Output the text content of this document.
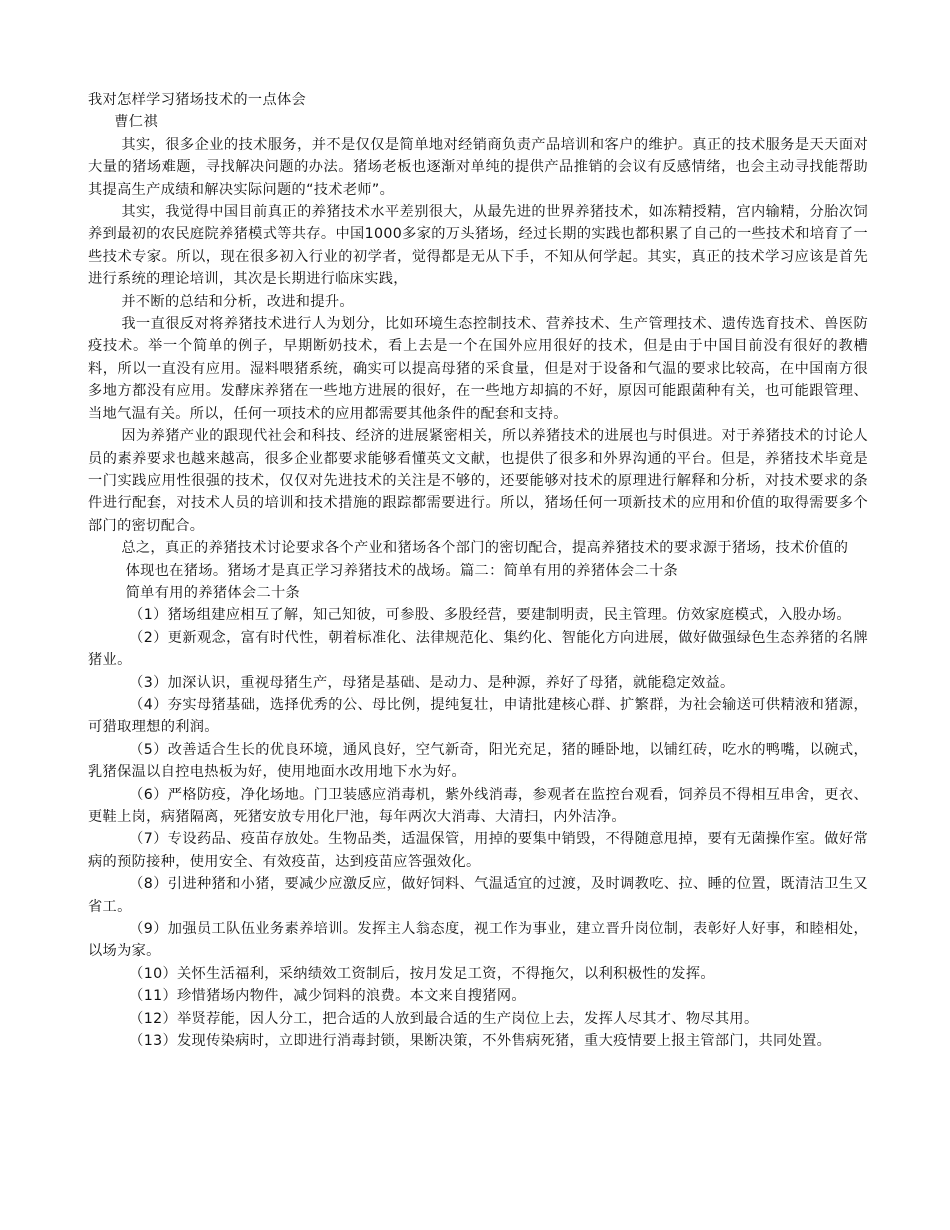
我对怎样学习猪场技术的一点体会

曹仁祺

其实，很多企业的技术服务，并不是仅仅是简单地对经销商负责产品培训和客户的维护。真正的技术服务是天天面对大量的猪场难题，寻找解决问题的办法。猪场老板也逐渐对单纯的提供产品推销的会议有反感情绪，也会主动寻找能帮助其提高生产成绩和解决实际问题的“技术老师”。

其实，我觉得中国目前真正的养猪技术水平差别很大，从最先进的世界养猪技术，如冻精授精，宫内输精，分胎次饲养到最初的农民庭院养猪模式等共存。中国1000多家的万头猪场，经过长期的实践也都积累了自己的一些技术和培育了一些技术专家。所以，现在很多初入行业的初学者，觉得都是无从下手，不知从何学起。其实，真正的技术学习应该是首先进行系统的理论培训，其次是长期进行临床实践，

并不断的总结和分析，改进和提升。

我一直很反对将养猪技术进行人为划分，比如环境生态控制技术、营养技术、生产管理技术、遗传选育技术、兽医防疫技术。举一个简单的例子，早期断奶技术，看上去是一个在国外应用很好的技术，但是由于中国目前没有很好的教槽料，所以一直没有应用。湿料喂猪系统，确实可以提高母猪的采食量，但是对于设备和气温的要求比较高，在中国南方很多地方都没有应用。发酵床养猪在一些地方进展的很好，在一些地方却搞的不好，原因可能跟菌种有关，也可能跟管理、当地气温有关。所以，任何一项技术的应用都需要其他条件的配套和支持。

因为养猪产业的跟现代社会和科技、经济的进展紧密相关，所以养猪技术的进展也与时俱进。对于养猪技术的讨论人员的素养要求也越来越高，很多企业都要求能够看懂英文文献，也提供了很多和外界沟通的平台。但是，养猪技术毕竟是一门实践应用性很强的技术，仅仅对先进技术的关注是不够的，还要能够对技术的原理进行解释和分析，对技术要求的条件进行配套，对技术人员的培训和技术措施的跟踪都需要进行。所以，猪场任何一项新技术的应用和价值的取得需要多个部门的密切配合。

总之，真正的养猪技术讨论要求各个产业和猪场各个部门的密切配合，提高养猪技术的要求源于猪场，技术价值的

体现也在猪场。猪场才是真正学习养猪技术的战场。篇二：简单有用的养猪体会二十条

简单有用的养猪体会二十条

（1）猪场组建应相互了解，知己知彼，可参股、多股经营，要建制明责，民主管理。仿效家庭模式，入股办场。

（2）更新观念，富有时代性，朝着标准化、法律规范化、集约化、智能化方向进展，做好做强绿色生态养猪的名牌猪业。

（3）加深认识，重视母猪生产，母猪是基础、是动力、是种源，养好了母猪，就能稳定效益。

（4）夯实母猪基础，选择优秀的公、母比例，提纯复壮，申请批建核心群、扩繁群，为社会输送可供精液和猪源，可猎取理想的利润。

（5）改善适合生长的优良环境，通风良好，空气新奇，阳光充足，猪的睡卧地，以铺红砖，吃水的鸭嘴，以碗式，乳猪保温以自控电热板为好，使用地面水改用地下水为好。

（6）严格防疫，净化场地。门卫装感应消毒机，紫外线消毒，参观者在监控台观看，饲养员不得相互串舍，更衣、更鞋上岗，病猪隔离，死猪安放专用化尸池，每年两次大消毒、大清扫，内外洁净。

（7）专设药品、疫苗存放处。生物品类，适温保管，用掉的要集中销毁，不得随意甩掉，要有无菌操作室。做好常病的预防接种，使用安全、有效疫苗，达到疫苗应答强效化。

（8）引进种猪和小猪，要减少应激反应，做好饲料、气温适宜的过渡，及时调教吃、拉、睡的位置，既清洁卫生又省工。

（9）加强员工队伍业务素养培训。发挥主人翁态度，视工作为事业，建立晋升岗位制，表彰好人好事，和睦相处，以场为家。

（10）关怀生活福利，采纳绩效工资制后，按月发足工资，不得拖欠，以利积极性的发挥。

（11）珍惜猪场内物件，减少饲料的浪费。本文来自搜猪网。

（12）举贤荐能，因人分工，把合适的人放到最合适的生产岗位上去，发挥人尽其才、物尽其用。

（13）发现传染病时，立即进行消毒封锁，果断决策，不外售病死猪，重大疫情要上报主管部门，共同处置。
